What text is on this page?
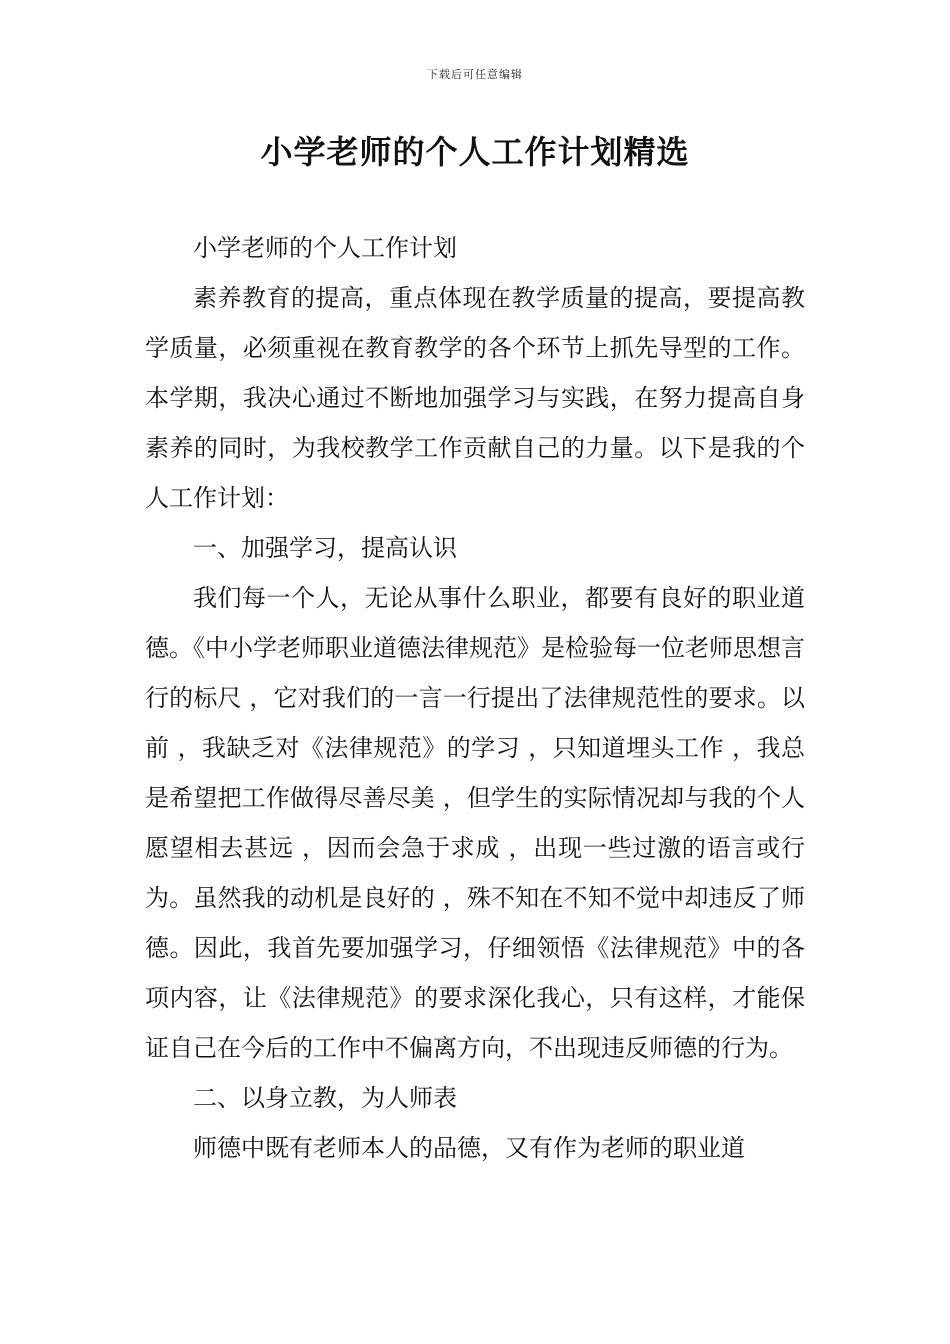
下载后可任意编辑
小学老师的个人工作计划精选

小学老师的个人工作计划

素养教育的提高，重点体现在教学质量的提高，要提高教学质量，必须重视在教育教学的各个环节上抓先导型的工作。本学期，我决心通过不断地加强学习与实践，在努力提高自身素养的同时，为我校教学工作贡献自己的力量。以下是我的个人工作计划：

一、加强学习，提高认识

我们每一个人，无论从事什么职业，都要有良好的职业道德。《中小学老师职业道德法律规范》是检验每一位老师思想言行的标尺 ，它对我们的一言一行提出了法律规范性的要求。以前 ，我缺乏对《法律规范》的学习 ，只知道埋头工作 ，我总是希望把工作做得尽善尽美 ，但学生的实际情况却与我的个人愿望相去甚远 ，因而会急于求成 ，出现一些过激的语言或行为。虽然我的动机是良好的 ，殊不知在不知不觉中却违反了师德。因此，我首先要加强学习，仔细领悟《法律规范》中的各项内容，让《法律规范》的要求深化我心，只有这样，才能保证自己在今后的工作中不偏离方向，不出现违反师德的行为。

二、以身立教，为人师表

师德中既有老师本人的品德，又有作为老师的职业道
